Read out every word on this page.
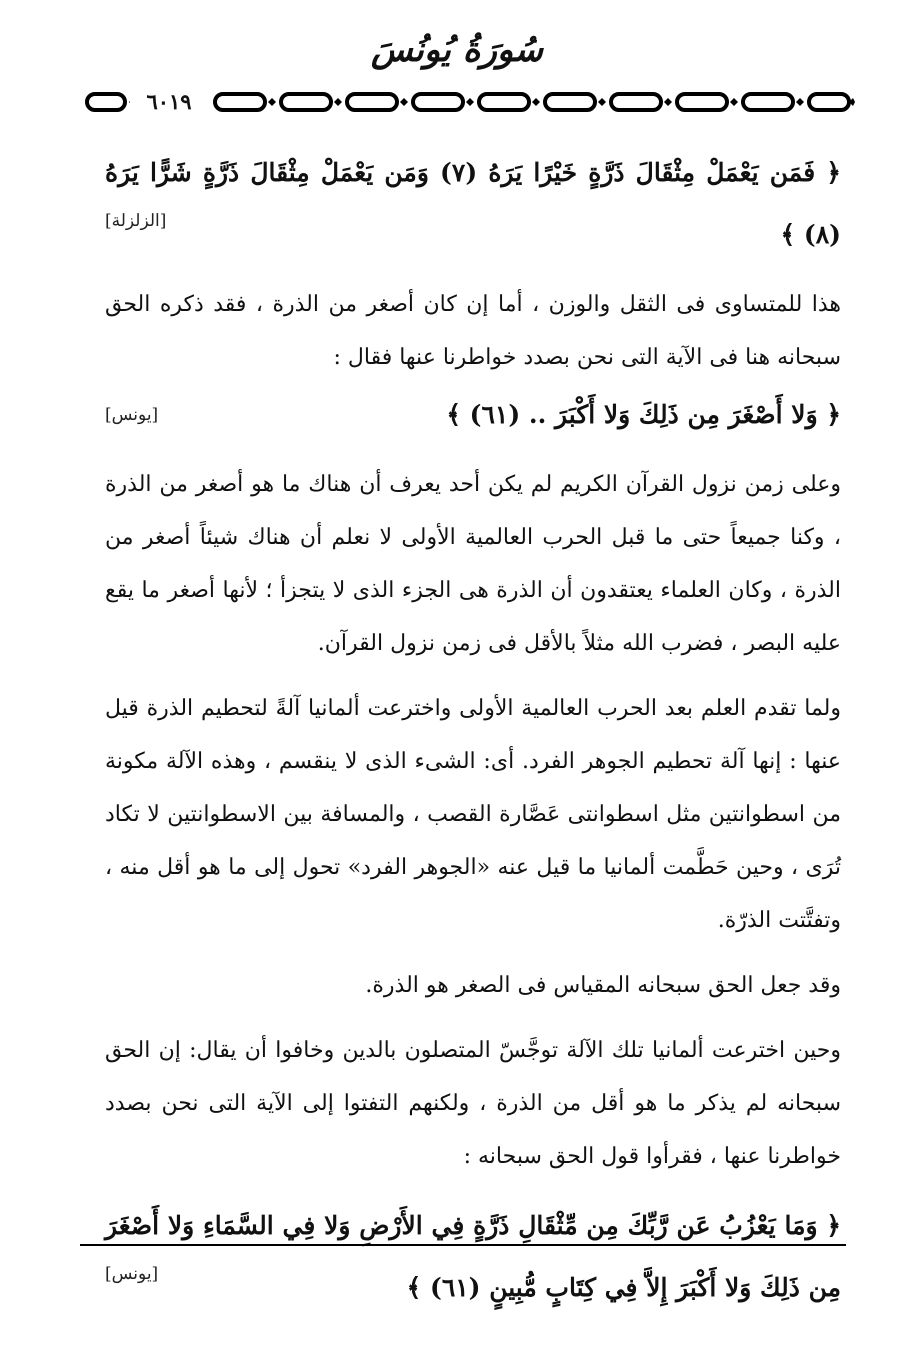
سُورَةُ يُونُسَ
٦٠١٩
﴿ فَمَن يَعْمَلْ مِثْقَالَ ذَرَّةٍ خَيْرًا يَرَهُ (٧) وَمَن يَعْمَلْ مِثْقَالَ ذَرَّةٍ شَرًّا يَرَهُ (٨) ﴾
[الزلزلة]

هذا للمتساوى فى الثقل والوزن ، أما إن كان أصغر من الذرة ، فقد ذكره الحق سبحانه هنا فى الآية التى نحن بصدد خواطرنا عنها فقال :

﴿ وَلا أَصْغَرَ مِن ذَلِكَ وَلا أَكْبَرَ .. (٦١) ﴾
[يونس]

وعلى زمن نزول القرآن الكريم لم يكن أحد يعرف أن هناك ما هو أصغر من الذرة ، وكنا جميعاً حتى ما قبل الحرب العالمية الأولى لا نعلم أن هناك شيئاً أصغر من الذرة ، وكان العلماء يعتقدون أن الذرة هى الجزء الذى لا يتجزأ ؛ لأنها أصغر ما يقع عليه البصر ، فضرب الله مثلاً بالأقل فى زمن نزول القرآن.

ولما تقدم العلم بعد الحرب العالمية الأولى واخترعت ألمانيا آلةً لتحطيم الذرة قيل عنها : إنها آلة تحطيم الجوهر الفرد. أى: الشىء الذى لا ينقسم ، وهذه الآلة مكونة من اسطوانتين مثل اسطوانتى عَصَّارة القصب ، والمسافة بين الاسطوانتين لا تكاد تُرَى ، وحين حَطَّمت ألمانيا ما قيل عنه «الجوهر الفرد» تحول إلى ما هو أقل منه ، وتفتَّتت الذرّة.

وقد جعل الحق سبحانه المقياس فى الصغر هو الذرة.

وحين اخترعت ألمانيا تلك الآلة توجَّسّ المتصلون بالدين وخافوا أن يقال: إن الحق سبحانه لم يذكر ما هو أقل من الذرة ، ولكنهم التفتوا إلى الآية التى نحن بصدد خواطرنا عنها ، فقرأوا قول الحق سبحانه :

﴿ وَمَا يَعْزُبُ عَن رَّبِّكَ مِن مِّثْقَالِ ذَرَّةٍ فِي الأَرْضِ وَلا فِي السَّمَاءِ وَلا أَصْغَرَ مِن ذَلِكَ وَلا أَكْبَرَ إِلاَّ فِي كِتَابٍ مُّبِينٍ (٦١) ﴾
[يونس]
